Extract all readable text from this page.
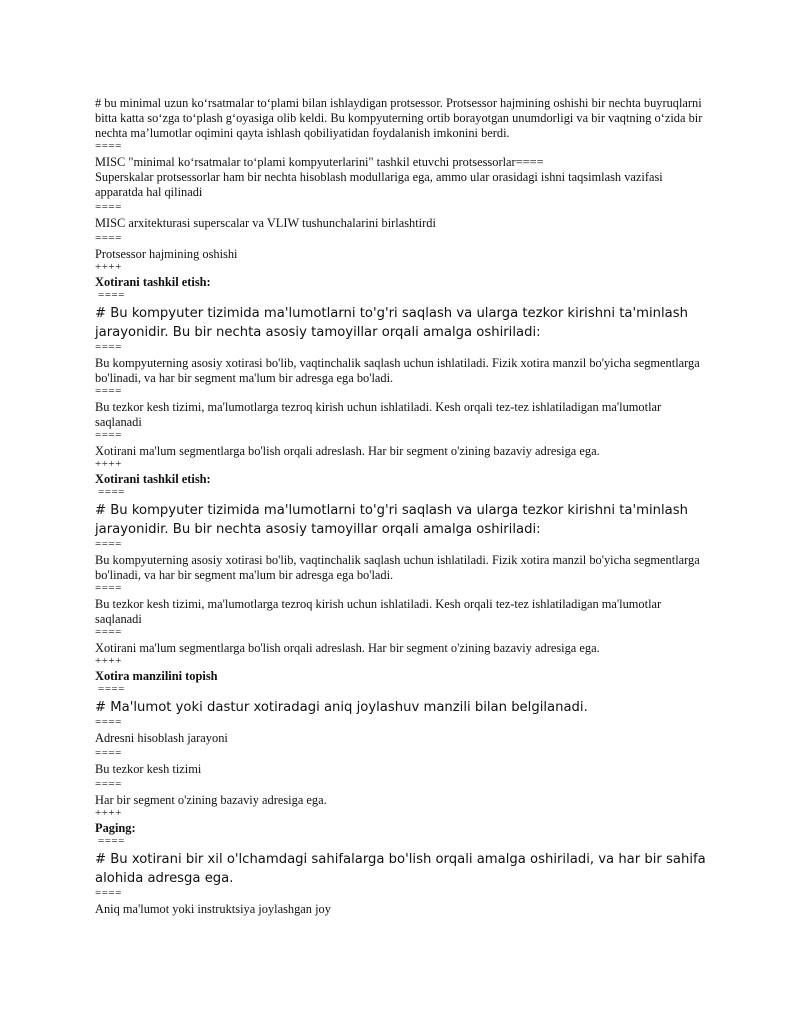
# bu minimal uzun koʻrsatmalar toʻplami bilan ishlaydigan protsessor. Protsessor hajmining oshishi bir nechta buyruqlarni bitta katta soʻzga toʻplash gʻoyasiga olib keldi. Bu kompyuterning ortib borayotgan unumdorligi va bir vaqtning oʻzida bir nechta maʼlumotlar oqimini qayta ishlash qobiliyatidan foydalanish imkonini berdi.

====

MISC "minimal koʻrsatmalar toʻplami kompyuterlarini" tashkil etuvchi protsessorlar====

Superskalar protsessorlar ham bir nechta hisoblash modullariga ega, ammo ular orasidagi ishni taqsimlash vazifasi apparatda hal qilinadi

====

MISC arxitekturasi superscalar va VLIW tushunchalarini birlashtirdi

====

Protsessor hajmining oshishi

++++

Xotirani tashkil etish:

====

# Bu kompyuter tizimida ma'lumotlarni to'g'ri saqlash va ularga tezkor kirishni ta'minlash jarayonidir. Bu bir nechta asosiy tamoyillar orqali amalga oshiriladi:

====

Bu kompyuterning asosiy xotirasi bo'lib, vaqtinchalik saqlash uchun ishlatiladi. Fizik xotira manzil bo'yicha segmentlarga bo'linadi, va har bir segment ma'lum bir adresga ega bo'ladi.

====

Bu tezkor kesh tizimi, ma'lumotlarga tezroq kirish uchun ishlatiladi. Kesh orqali tez-tez ishlatiladigan ma'lumotlar saqlanadi

====

Xotirani ma'lum segmentlarga bo'lish orqali adreslash. Har bir segment o'zining bazaviy adresiga ega.

++++

Xotirani tashkil etish:

====

# Bu kompyuter tizimida ma'lumotlarni to'g'ri saqlash va ularga tezkor kirishni ta'minlash jarayonidir. Bu bir nechta asosiy tamoyillar orqali amalga oshiriladi:

====

Bu kompyuterning asosiy xotirasi bo'lib, vaqtinchalik saqlash uchun ishlatiladi. Fizik xotira manzil bo'yicha segmentlarga bo'linadi, va har bir segment ma'lum bir adresga ega bo'ladi.

====

Bu tezkor kesh tizimi, ma'lumotlarga tezroq kirish uchun ishlatiladi. Kesh orqali tez-tez ishlatiladigan ma'lumotlar saqlanadi

====

Xotirani ma'lum segmentlarga bo'lish orqali adreslash. Har bir segment o'zining bazaviy adresiga ega.

++++

Xotira manzilini topish

====

# Ma'lumot yoki dastur xotiradagi aniq joylashuv manzili bilan belgilanadi.

====

Adresni hisoblash jarayoni

====

Bu tezkor kesh tizimi

====

Har bir segment o'zining bazaviy adresiga ega.

++++

Paging:

====

# Bu xotirani bir xil o'lchamdagi sahifalarga bo'lish orqali amalga oshiriladi, va har bir sahifa alohida adresga ega.

====

Aniq ma'lumot yoki instruktsiya joylashgan joy
